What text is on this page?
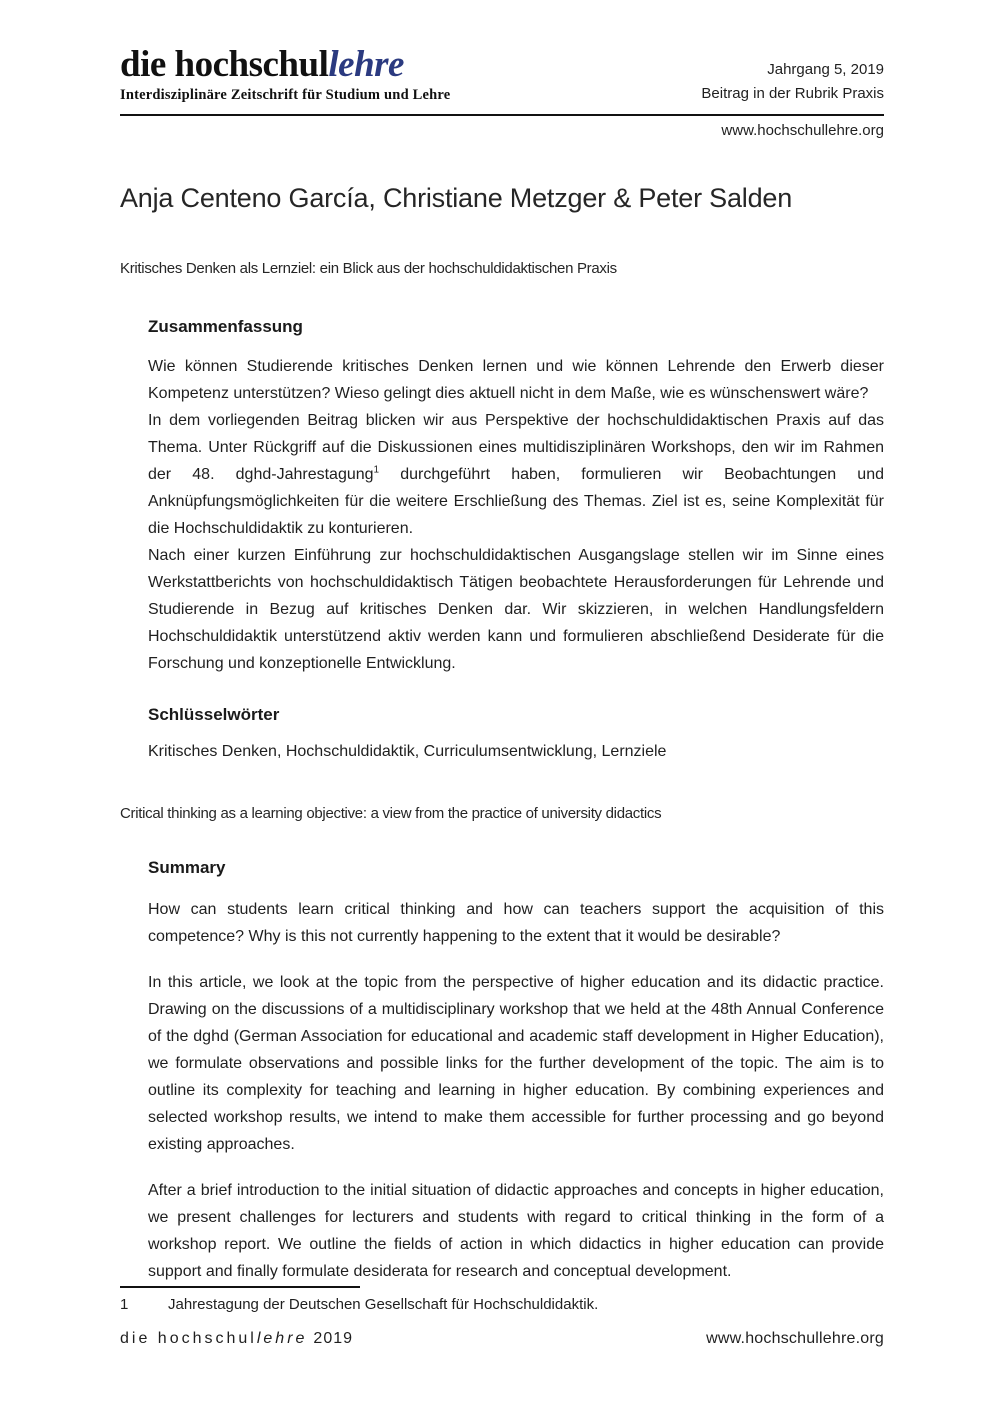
die hochschullehre
Interdisziplinäre Zeitschrift für Studium und Lehre
Jahrgang 5, 2019
Beitrag in der Rubrik Praxis
www.hochschullehre.org
Anja Centeno García, Christiane Metzger & Peter Salden
Kritisches Denken als Lernziel: ein Blick aus der hochschuldidaktischen Praxis
Zusammenfassung

Wie können Studierende kritisches Denken lernen und wie können Lehrende den Erwerb dieser Kompetenz unterstützen? Wieso gelingt dies aktuell nicht in dem Maße, wie es wünschenswert wäre?

In dem vorliegenden Beitrag blicken wir aus Perspektive der hochschuldidaktischen Praxis auf das Thema. Unter Rückgriff auf die Diskussionen eines multidisziplinären Workshops, den wir im Rahmen der 48. dghd-Jahrestagung$^1$ durchgeführt haben, formulieren wir Beobachtungen und Anknüpfungsmöglichkeiten für die weitere Erschließung des Themas. Ziel ist es, seine Komplexität für die Hochschuldidaktik zu konturieren.

Nach einer kurzen Einführung zur hochschuldidaktischen Ausgangslage stellen wir im Sinne eines Werkstattberichts von hochschuldidaktisch Tätigen beobachtete Herausforderungen für Lehrende und Studierende in Bezug auf kritisches Denken dar. Wir skizzieren, in welchen Handlungsfeldern Hochschuldidaktik unterstützend aktiv werden kann und formulieren abschließend Desiderate für die Forschung und konzeptionelle Entwicklung.

Schlüsselwörter
Kritisches Denken, Hochschuldidaktik, Curriculumsentwicklung, Lernziele
Critical thinking as a learning objective: a view from the practice of university didactics
Summary

How can students learn critical thinking and how can teachers support the acquisition of this competence? Why is this not currently happening to the extent that it would be desirable?

In this article, we look at the topic from the perspective of higher education and its didactic practice. Drawing on the discussions of a multidisciplinary workshop that we held at the 48th Annual Conference of the dghd (German Association for educational and academic staff development in Higher Education), we formulate observations and possible links for the further development of the topic. The aim is to outline its complexity for teaching and learning in higher education. By combining experiences and selected workshop results, we intend to make them accessible for further processing and go beyond existing approaches.

After a brief introduction to the initial situation of didactic approaches and concepts in higher education, we present challenges for lecturers and students with regard to critical thinking in the form of a workshop report. We outline the fields of action in which didactics in higher education can provide support and finally formulate desiderata for research and conceptual development.

1	Jahrestagung der Deutschen Gesellschaft für Hochschuldidaktik.
die hochschullehre 2019	www.hochschullehre.org
